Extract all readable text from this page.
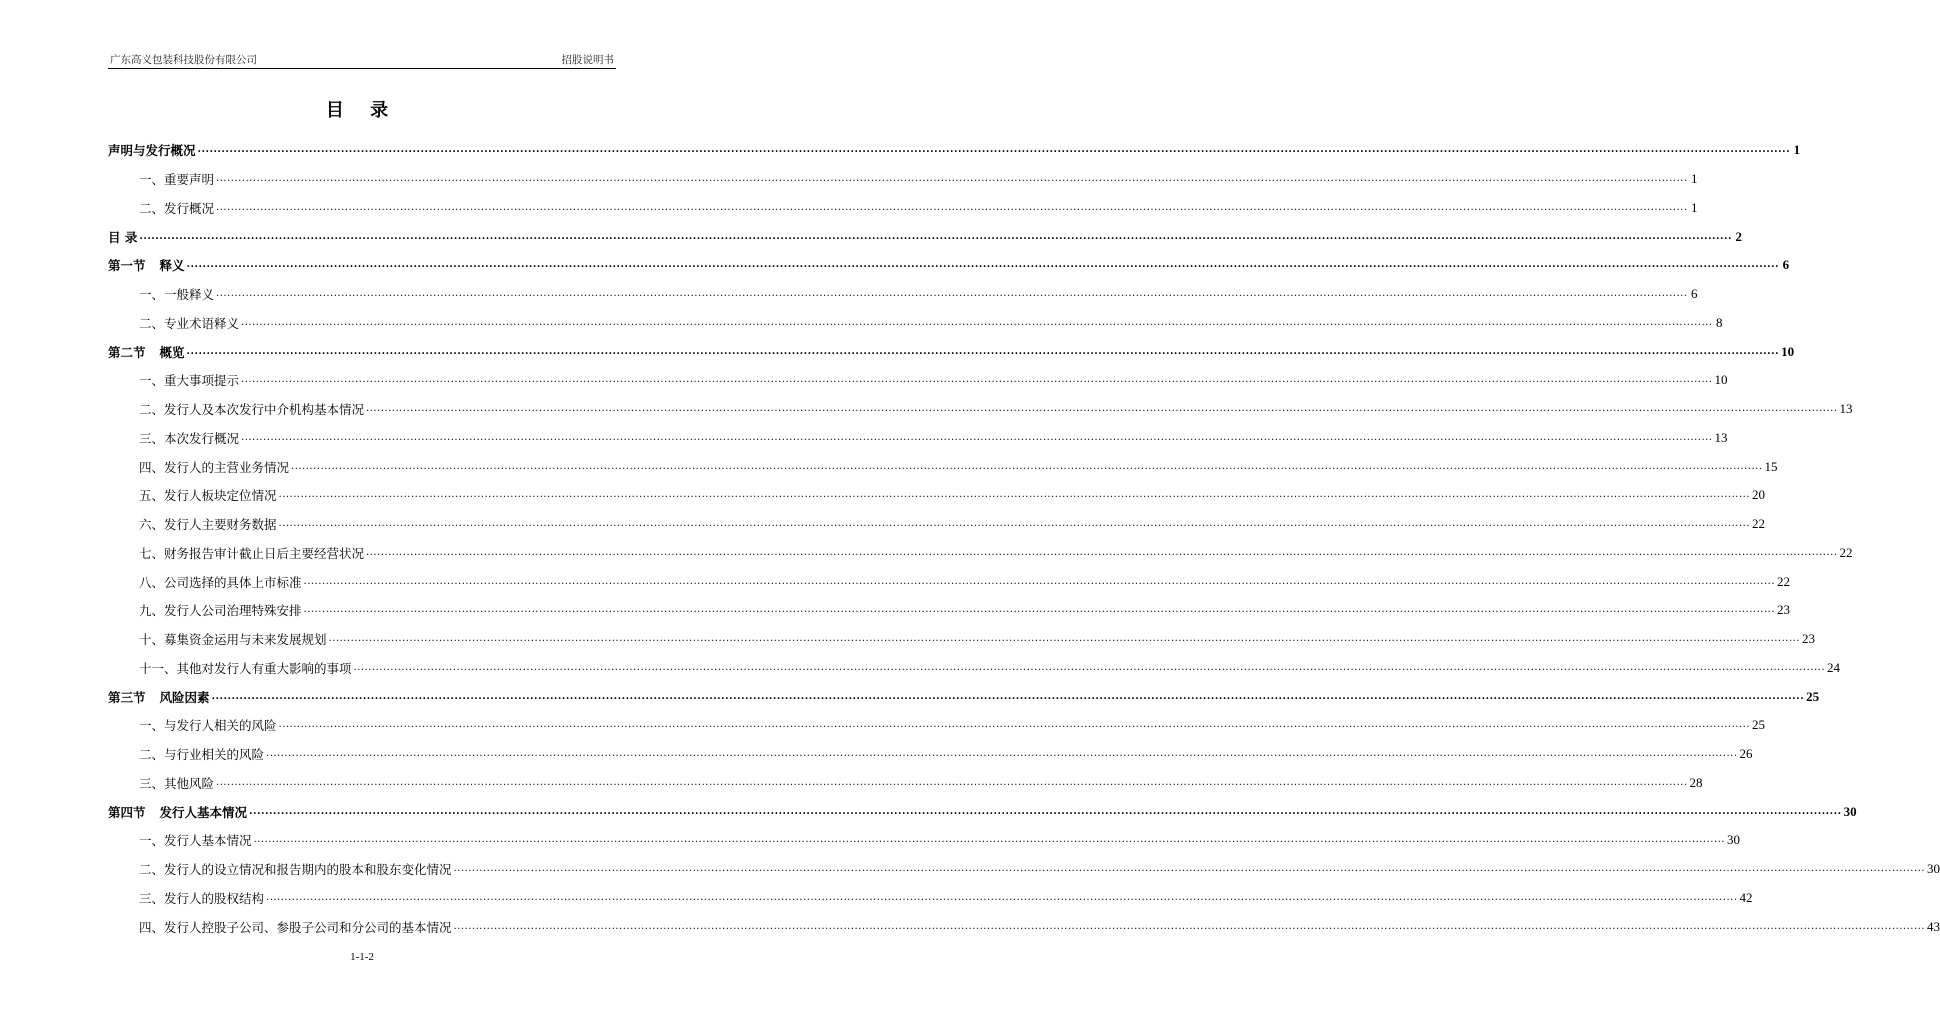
广东高义包装科技股份有限公司	招股说明书
目 录
声明与发行概况 ................................................................................................................................................................................................................................................................................................................................................................................................................ 1
一、重要声明 ................................................................................................................................................................................................................................................................................................................................................................................................................ 1
二、发行概况 ................................................................................................................................................................................................................................................................................................................................................................................................................ 1
目 录 ................................................................................................................................................................................................................................................................................................................................................................................................................ 2
第一节 释义 ................................................................................................................................................................................................................................................................................................................................................................................................................ 6
一、一般释义 ................................................................................................................................................................................................................................................................................................................................................................................................................ 6
二、专业术语释义 ................................................................................................................................................................................................................................................................................................................................................................................................................ 8
第二节 概览 ................................................................................................................................................................................................................................................................................................................................................................................................................ 10
一、重大事项提示 ................................................................................................................................................................................................................................................................................................................................................................................................................ 10
二、发行人及本次发行中介机构基本情况 ................................................................................................................................................................................................................................................................................................................................................................................................................ 13
三、本次发行概况 ................................................................................................................................................................................................................................................................................................................................................................................................................ 13
四、发行人的主营业务情况 ................................................................................................................................................................................................................................................................................................................................................................................................................ 15
五、发行人板块定位情况 ................................................................................................................................................................................................................................................................................................................................................................................................................ 20
六、发行人主要财务数据 ................................................................................................................................................................................................................................................................................................................................................................................................................ 22
七、财务报告审计截止日后主要经营状况 ................................................................................................................................................................................................................................................................................................................................................................................................................ 22
八、公司选择的具体上市标准 ................................................................................................................................................................................................................................................................................................................................................................................................................ 22
九、发行人公司治理特殊安排 ................................................................................................................................................................................................................................................................................................................................................................................................................ 23
十、募集资金运用与未来发展规划 ................................................................................................................................................................................................................................................................................................................................................................................................................ 23
十一、其他对发行人有重大影响的事项 ................................................................................................................................................................................................................................................................................................................................................................................................................ 24
第三节 风险因素 ................................................................................................................................................................................................................................................................................................................................................................................................................ 25
一、与发行人相关的风险 ................................................................................................................................................................................................................................................................................................................................................................................................................ 25
二、与行业相关的风险 ................................................................................................................................................................................................................................................................................................................................................................................................................ 26
三、其他风险 ................................................................................................................................................................................................................................................................................................................................................................................................................ 28
第四节 发行人基本情况 ................................................................................................................................................................................................................................................................................................................................................................................................................ 30
一、发行人基本情况 ................................................................................................................................................................................................................................................................................................................................................................................................................ 30
二、发行人的设立情况和报告期内的股本和股东变化情况 ................................................................................................................................................................................................................................................................................................................................................................................................................ 30
三、发行人的股权结构 ................................................................................................................................................................................................................................................................................................................................................................................................................ 42
四、发行人控股子公司、参股子公司和分公司的基本情况 ................................................................................................................................................................................................................................................................................................................................................................................................................ 43
1-1-2
